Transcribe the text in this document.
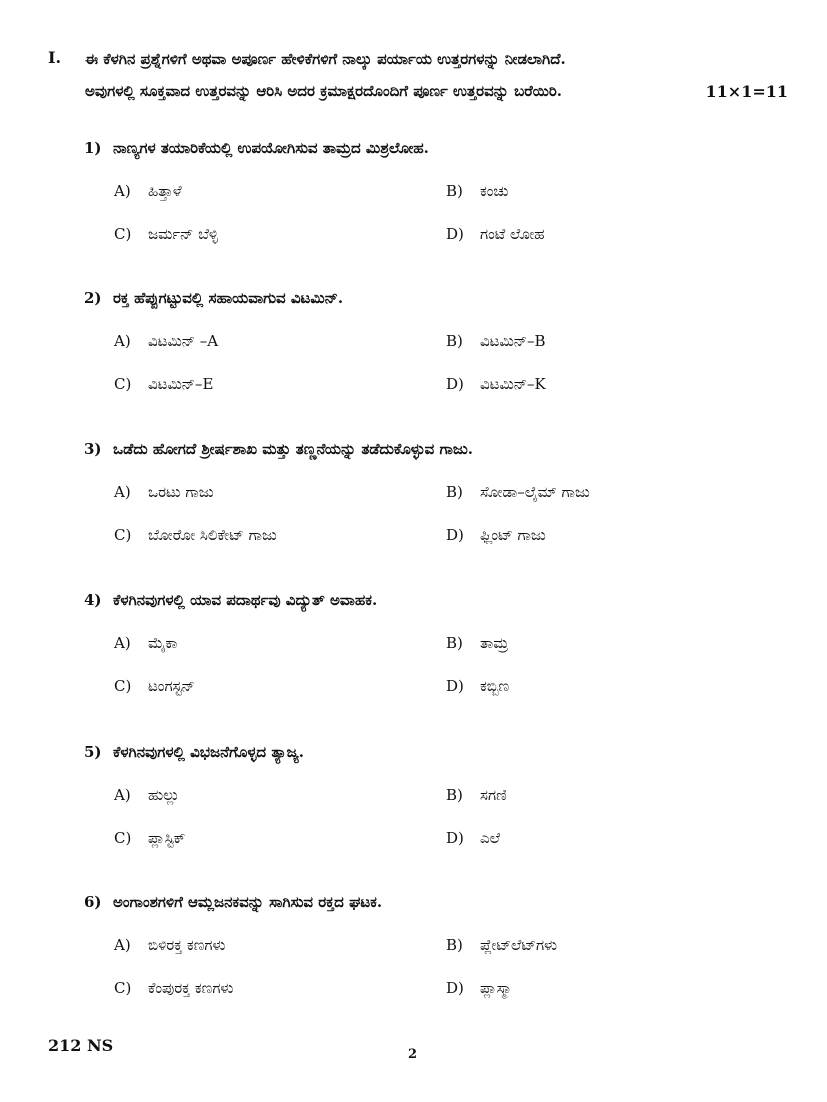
I. ಈ ಕೆಳಗಿನ ಪ್ರಶ್ನೆಗಳಿಗೆ ಅಥವಾ ಅಪೂರ್ಣ ಹೇಳಿಕೆಗಳಿಗೆ ನಾಲ್ಕು ಪರ್ಯಾಯ ಉತ್ತರಗಳನ್ನು ನೀಡಲಾಗಿದೆ.
ಅವುಗಳಲ್ಲಿ ಸೂಕ್ತವಾದ ಉತ್ತರವನ್ನು ಆರಿಸಿ ಅದರ ಕ್ರಮಾಕ್ಷರದೊಂದಿಗೆ ಪೂರ್ಣ ಉತ್ತರವನ್ನು ಬರೆಯಿರಿ.	11×1=11
1) ನಾಣ್ಯಗಳ ತಯಾರಿಕೆಯಲ್ಲಿ ಉಪಯೋಗಿಸುವ ತಾಮ್ರದ ಮಿಶ್ರಲೋಹ.
A) ಹಿತ್ತಾಳೆ	B) ಕಂಚು
C) ಜರ್ಮನ್ ಬೆಳ್ಳಿ	D) ಗಂಟೆ ಲೋಹ
2) ರಕ್ತ ಹೆಪ್ಪುಗಟ್ಟುವಲ್ಲಿ ಸಹಾಯವಾಗುವ ವಿಟಮಿನ್.
A) ವಿಟಮಿನ್ –A	B) ವಿಟಮಿನ್–B
C) ವಿಟಮಿನ್–E	D) ವಿಟಮಿನ್–K
3) ಒಡೆದು ಹೋಗದೆ ಶ್ರೀರ್ಷಶಾಖ ಮತ್ತು ತಣ್ಣನೆಯನ್ನು ತಡೆದುಕೊಳ್ಳುವ ಗಾಜು.
A) ಒರಟು ಗಾಜು	B) ಸೋಡಾ–ಲೈಮ್ ಗಾಜು
C) ಬೋರೋ ಸಿಲಿಕೇಟ್ ಗಾಜು	D) ಫ್ಲಿಂಟ್ ಗಾಜು
4) ಕೆಳಗಿನವುಗಳಲ್ಲಿ ಯಾವ ಪದಾರ್ಥವು ವಿದ್ಯುತ್ ಅವಾಹಕ.
A) ಮೈಕಾ	B) ತಾಮ್ರ
C) ಟಂಗಸ್ಟನ್	D) ಕಬ್ಬಿಣ
5) ಕೆಳಗಿನವುಗಳಲ್ಲಿ ವಿಭಜನೆಗೊಳ್ಳದ ತ್ಯಾಜ್ಯ.
A) ಹುಲ್ಲು	B) ಸಗಣಿ
C) ಪ್ಲಾಸ್ಟಿಕ್	D) ಎಲೆ
6) ಅಂಗಾಂಶಗಳಿಗೆ ಆಮ್ಲಜನಕವನ್ನು ಸಾಗಿಸುವ ರಕ್ತದ ಘಟಕ.
A) ಬಿಳಿರಕ್ತ ಕಣಗಳು	B) ಪ್ಲೇಟ್‌ಲೆಟ್‌ಗಳು
C) ಕೆಂಪುರಕ್ತ ಕಣಗಳು	D) ಪ್ಲಾಸ್ಮಾ
212 NS	2
